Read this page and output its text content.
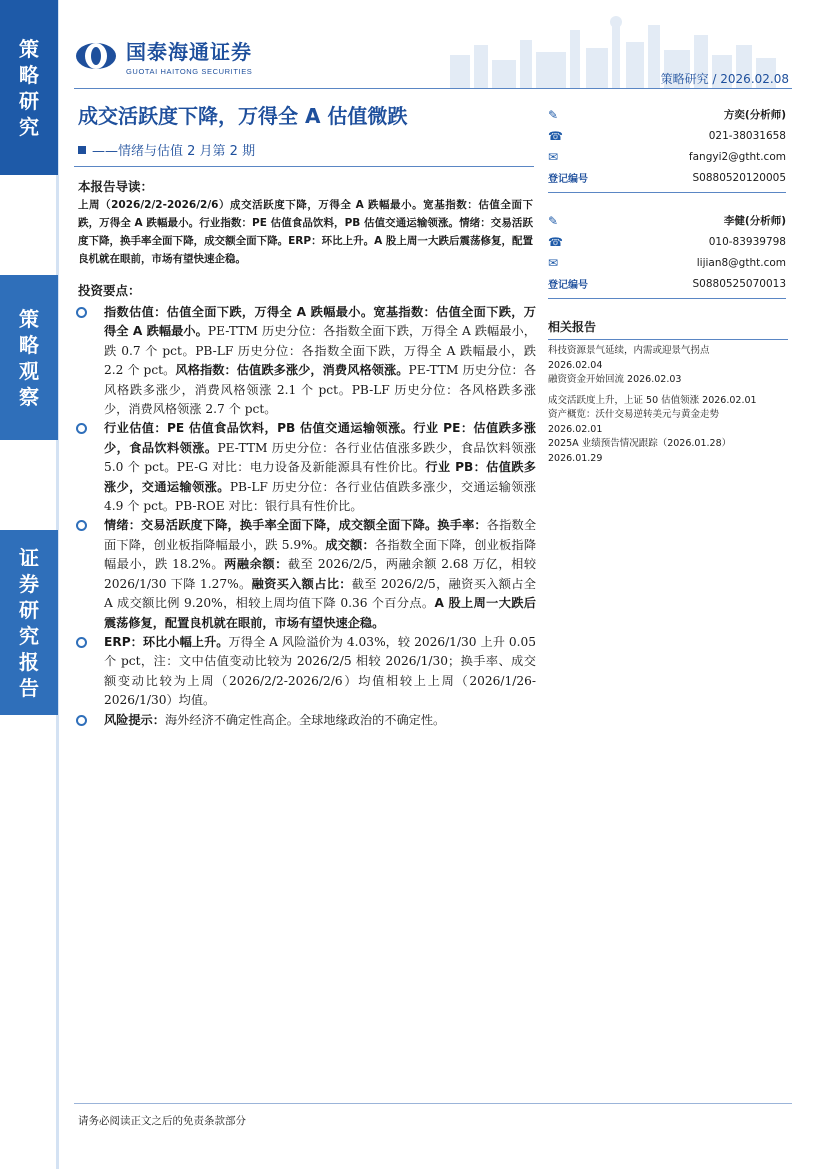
策
略
研
究
策
略
观
察
证
券
研
究
报
告
国泰海通证券
GUOTAI HAITONG SECURITIES
策略研究 / 2026.02.08
成交活跃度下降，万得全 A 估值微跌
——情绪与估值 2 月第 2 期
本报告导读：
上周（2026/2/2-2026/2/6）成交活跃度下降，万得全 A 跌幅最小。宽基指数：估值全面下跌，万得全 A 跌幅最小。行业指数：PE 估值食品饮料，PB 估值交通运输领涨。情绪：交易活跃度下降，换手率全面下降，成交额全面下降。ERP：环比上升。A 股上周一大跌后震荡修复，配置良机就在眼前，市场有望快速企稳。
投资要点：
指数估值：估值全面下跌，万得全 A 跌幅最小。宽基指数：估值全面下跌，万得全 A 跌幅最小。PE-TTM 历史分位：各指数全面下跌，万得全 A 跌幅最小，跌 0.7 个 pct。PB-LF 历史分位：各指数全面下跌，万得全 A 跌幅最小，跌 2.2 个 pct。风格指数：估值跌多涨少，消费风格领涨。PE-TTM 历史分位：各风格跌多涨少，消费风格领涨 2.1 个 pct。PB-LF 历史分位：各风格跌多涨少，消费风格领涨 2.7 个 pct。
行业估值：PE 估值食品饮料，PB 估值交通运输领涨。行业 PE：估值跌多涨少，食品饮料领涨。PE-TTM 历史分位：各行业估值涨多跌少，食品饮料领涨 5.0 个 pct。PE-G 对比：电力设备及新能源具有性价比。行业 PB：估值跌多涨少，交通运输领涨。PB-LF 历史分位：各行业估值跌多涨少，交通运输领涨 4.9 个 pct。PB-ROE 对比：银行具有性价比。
情绪：交易活跃度下降，换手率全面下降，成交额全面下降。换手率：各指数全面下降，创业板指降幅最小，跌 5.9%。成交额：各指数全面下降，创业板指降幅最小，跌 18.2%。两融余额：截至 2026/2/5，两融余额 2.68 万亿，相较 2026/1/30 下降 1.27%。融资买入额占比：截至 2026/2/5，融资买入额占全 A 成交额比例 9.20%，相较上周均值下降 0.36 个百分点。A 股上周一大跌后震荡修复，配置良机就在眼前，市场有望快速企稳。
ERP：环比小幅上升。万得全 A 风险溢价为 4.03%，较 2026/1/30 上升 0.05 个 pct，注：文中估值变动比较为 2026/2/5 相较 2026/1/30；换手率、成交额变动比较为上周（2026/2/2-2026/2/6）均值相较上上周（2026/1/26-2026/1/30）均值。
风险提示：海外经济不确定性高企。全球地缘政治的不确定性。
✎	方奕(分析师)
☎	021-38031658
✉	fangyi2@gtht.com
登记编号	S0880520120005
✎	李健(分析师)
☎	010-83939798
✉	lijian8@gtht.com
登记编号	S0880525070013
相关报告
科技资源景气延续，内需或迎景气拐点
2026.02.04
融资资金开始回流 2026.02.03
成交活跃度上升，上证 50 估值领涨 2026.02.01
资产概览：沃什交易逆转美元与黄金走势
2026.02.01
2025A 业绩预告情况跟踪（2026.01.28）
2026.01.29
请务必阅读正文之后的免责条款部分
